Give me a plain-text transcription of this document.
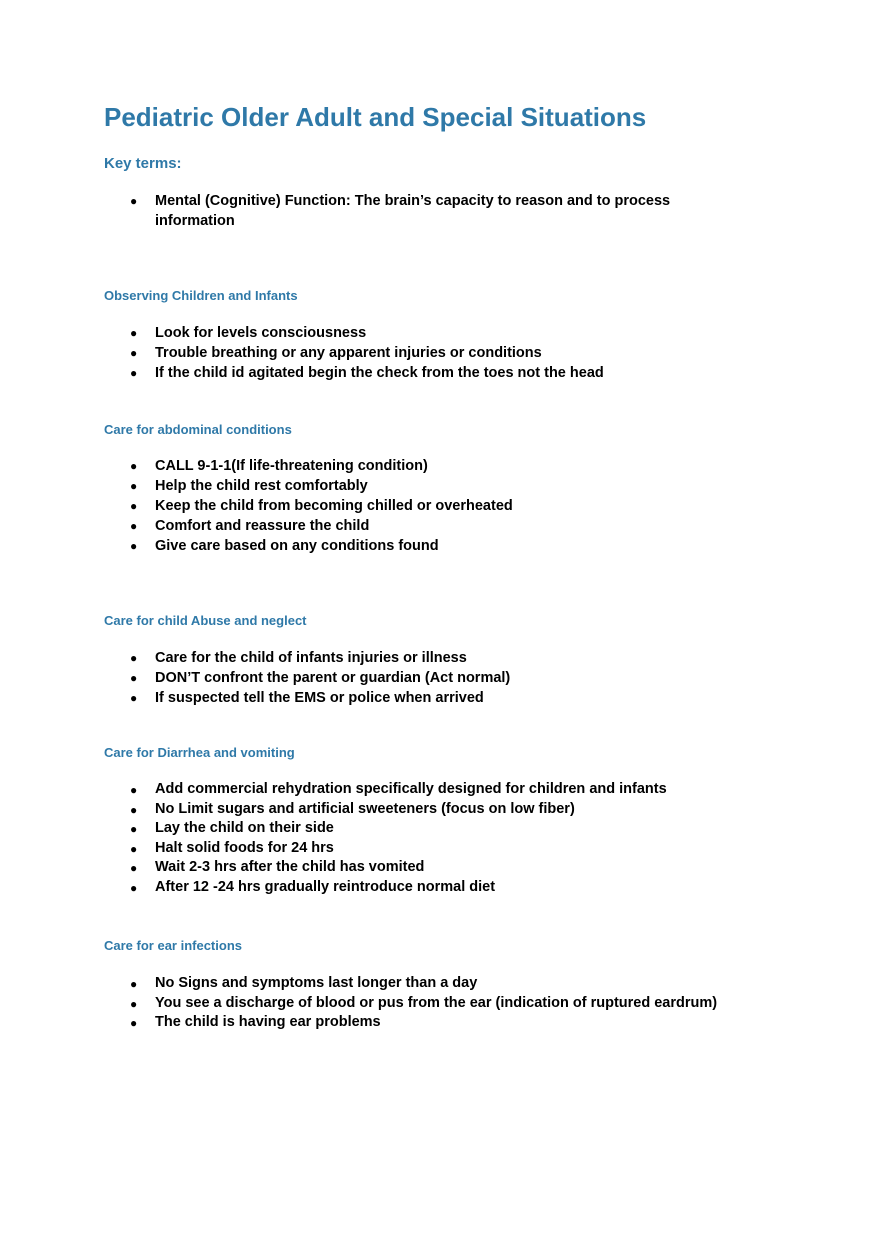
Pediatric Older Adult and Special Situations
Key terms:
● Mental (Cognitive) Function: The brain’s capacity to reason and to process information
Observing Children and Infants
● Look for levels consciousness
● Trouble breathing or any apparent injuries or conditions
● If the child id agitated begin the check from the toes not the head
Care for abdominal conditions
● CALL 9-1-1(If life-threatening condition)
● Help the child rest comfortably
● Keep the child from becoming chilled or overheated
● Comfort and reassure the child
● Give care based on any conditions found
Care for child Abuse and neglect
● Care for the child of infants injuries or illness
● DON’T confront the parent or guardian (Act normal)
● If suspected tell the EMS or police when arrived
Care for Diarrhea and vomiting
● Add commercial rehydration specifically designed for children and infants
● No Limit sugars and artificial sweeteners (focus on low fiber)
● Lay the child on their side
● Halt solid foods for 24 hrs
● Wait 2-3 hrs after the child has vomited
● After 12 -24 hrs gradually reintroduce normal diet
Care for ear infections
● No Signs and symptoms last longer than a day
● You see a discharge of blood or pus from the ear (indication of ruptured eardrum)
● The child is having ear problems
